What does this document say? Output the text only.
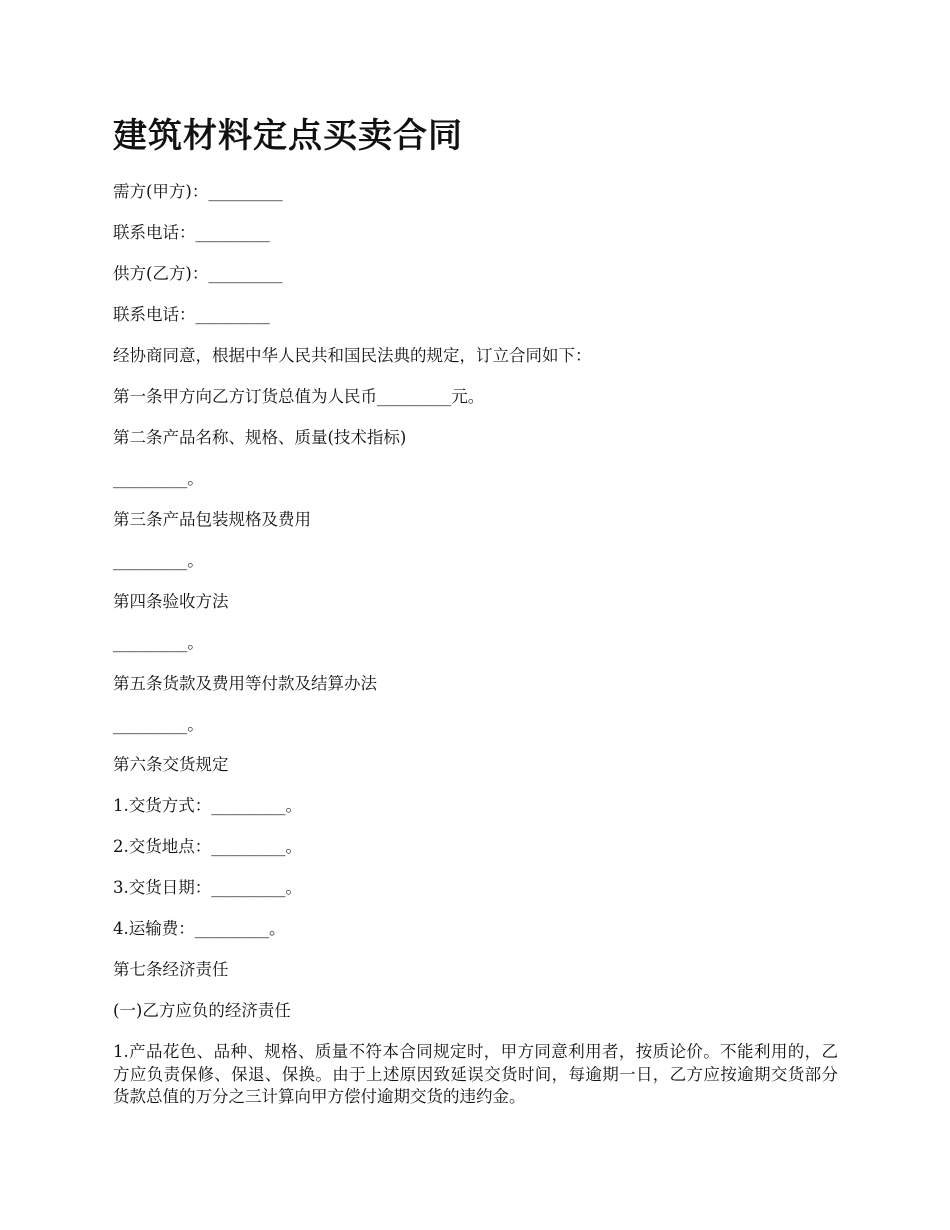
建筑材料定点买卖合同
需方(甲方)：_________
联系电话：_________
供方(乙方)：_________
联系电话：_________
经协商同意，根据中华人民共和国民法典的规定，订立合同如下：
第一条甲方向乙方订货总值为人民币_________元。
第二条产品名称、规格、质量(技术指标)
_________。
第三条产品包装规格及费用
_________。
第四条验收方法
_________。
第五条货款及费用等付款及结算办法
_________。
第六条交货规定
1.交货方式：_________。
2.交货地点：_________。
3.交货日期：_________。
4.运输费：_________。
第七条经济责任
(一)乙方应负的经济责任
1.产品花色、品种、规格、质量不符本合同规定时，甲方同意利用者，按质论价。不能利用的，乙方应负责保修、保退、保换。由于上述原因致延误交货时间，每逾期一日，乙方应按逾期交货部分货款总值的万分之三计算向甲方偿付逾期交货的违约金。
